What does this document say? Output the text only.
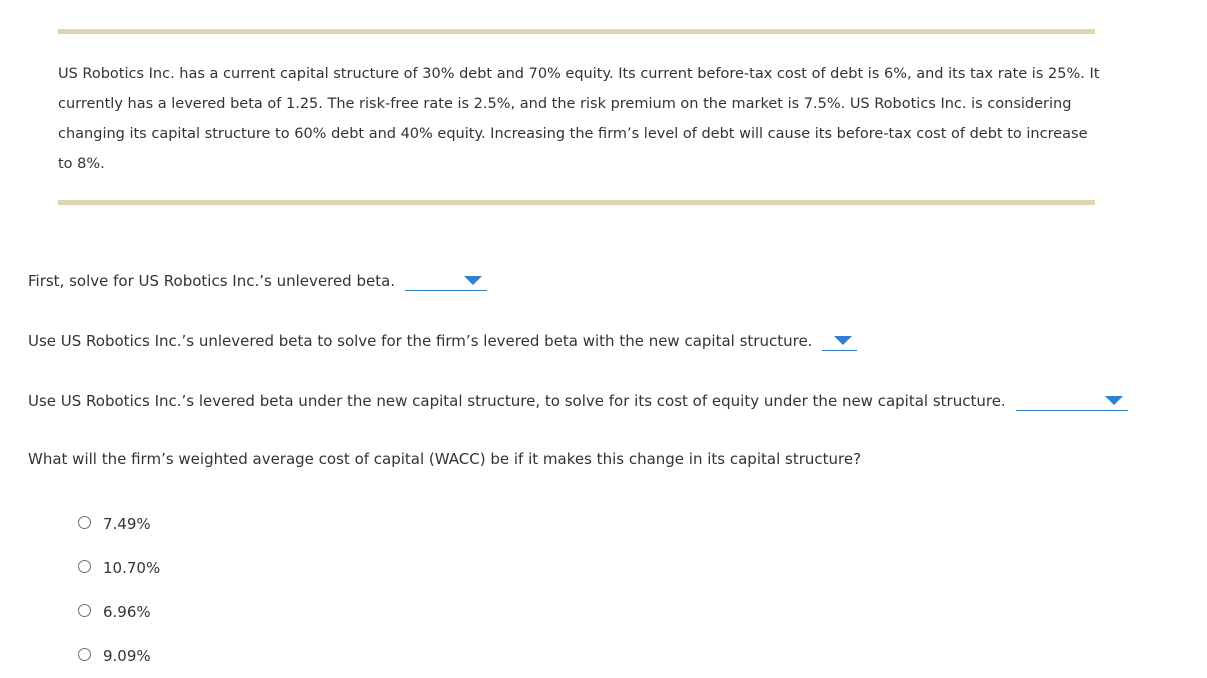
US Robotics Inc. has a current capital structure of 30% debt and 70% equity. Its current before-tax cost of debt is 6%, and its tax rate is 25%. It currently has a levered beta of 1.25. The risk-free rate is 2.5%, and the risk premium on the market is 7.5%. US Robotics Inc. is considering changing its capital structure to 60% debt and 40% equity. Increasing the firm’s level of debt will cause its before-tax cost of debt to increase to 8%.

First, solve for US Robotics Inc.’s unlevered beta.
Use US Robotics Inc.’s unlevered beta to solve for the firm’s levered beta with the new capital structure.
Use US Robotics Inc.’s levered beta under the new capital structure, to solve for its cost of equity under the new capital structure.
What will the firm’s weighted average cost of capital (WACC) be if it makes this change in its capital structure?
7.49%
10.70%
6.96%
9.09%
